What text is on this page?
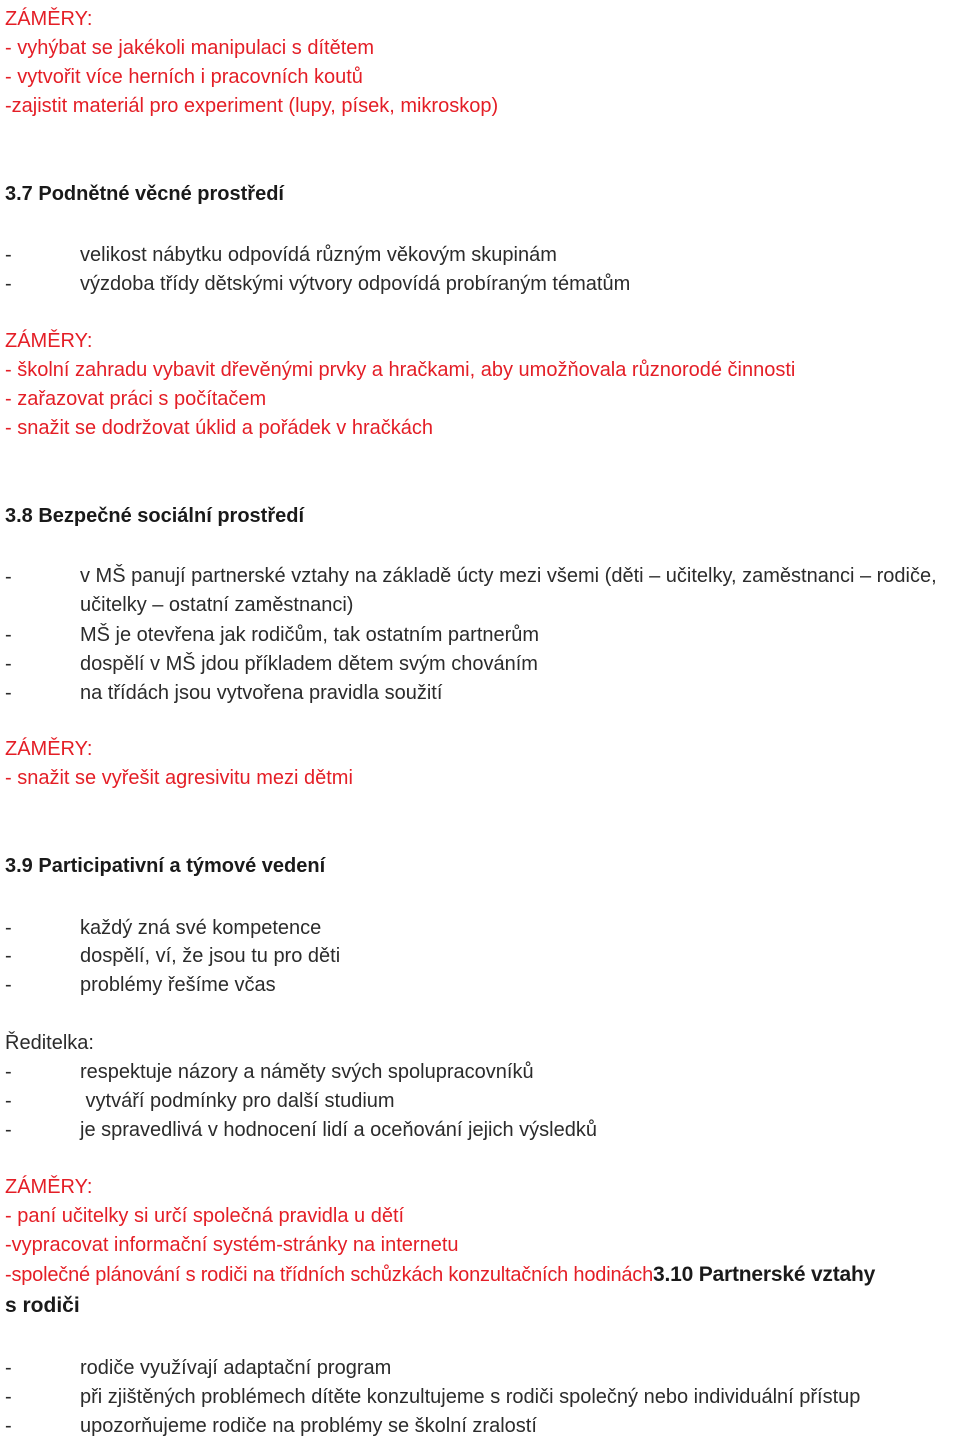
ZÁMĚRY:
- vyhýbat se jakékoli manipulaci s dítětem
- vytvořit více herních i pracovních koutů
-zajistit materiál pro experiment (lupy, písek, mikroskop)
3.7 Podnětné věcné prostředí
-	velikost nábytku odpovídá různým věkovým skupinám
-	výzdoba třídy dětskými výtvory odpovídá probíraným tématům
ZÁMĚRY:
- školní zahradu vybavit dřevěnými prvky a hračkami, aby umožňovala různorodé činnosti
- zařazovat práci s počítačem
- snažit se dodržovat úklid a pořádek v hračkách
3.8 Bezpečné sociální prostředí
-	v MŠ panují partnerské vztahy na základě úcty mezi všemi (děti – učitelky, zaměstnanci – rodiče, učitelky – ostatní zaměstnanci)
-	MŠ je otevřena jak rodičům, tak ostatním partnerům
-	dospělí v MŠ jdou příkladem dětem svým chováním
-	na třídách jsou vytvořena pravidla soužití
ZÁMĚRY:
- snažit se vyřešit agresivitu mezi dětmi
3.9 Participativní a týmové vedení
-	každý zná své kompetence
-	dospělí, ví, že jsou tu pro děti
-	problémy řešíme včas
Ředitelka:
-	respektuje názory a náměty svých spolupracovníků
-	vytváří podmínky pro další studium
-	je spravedlivá v hodnocení lidí a oceňování jejich výsledků
ZÁMĚRY:
- paní učitelky si určí společná pravidla u dětí
-vypracovat informační systém-stránky na internetu
-společné plánování s rodiči na třídních schůzkách konzultačních hodinách3.10 Partnerské vztahy
s rodiči
-	rodiče využívají adaptační program
-	při zjištěných problémech dítěte konzultujeme s rodiči společný nebo individuální přístup
-	upozorňujeme rodiče na problémy se školní zralostí
